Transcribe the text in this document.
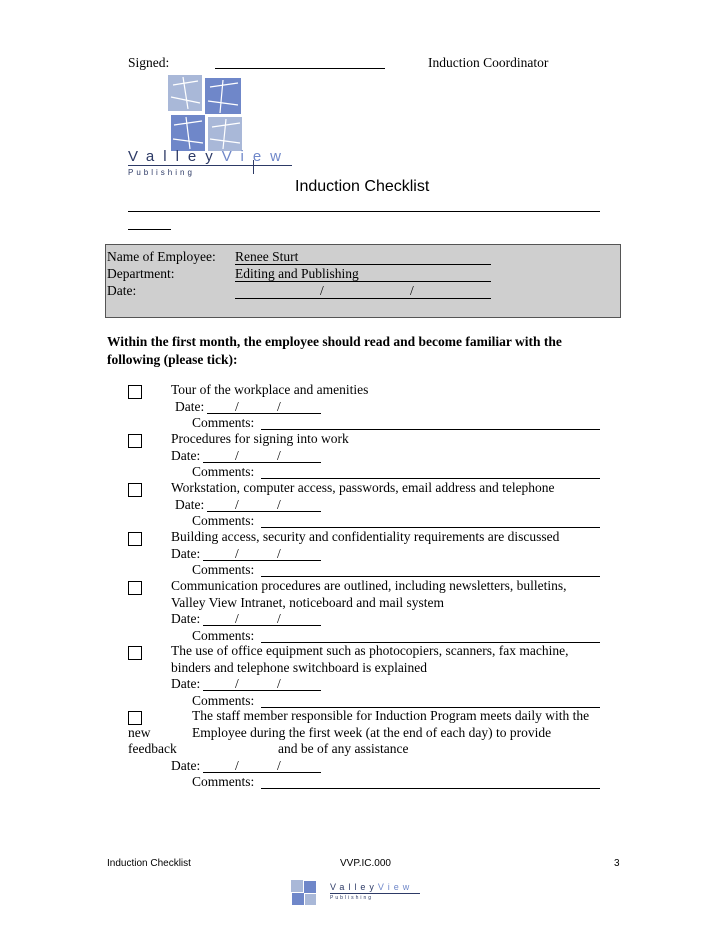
Signed:	Induction Coordinator
ValleyView
Publishing
Induction Checklist
Name of Employee: Renee Sturt
Department:	Editing and Publishing
Date:	/	/
Within the first month, the employee should read and become familiar with the following (please tick):
Tour of the workplace and amenities
Date: /	/
Comments:
Procedures for signing into work
Date:	/	/
Comments:
Workstation, computer access, passwords, email address and telephone
Date: /	/
Comments:
Building access, security and confidentiality requirements are discussed
Date:	/	/
Comments:
Communication procedures are outlined, including newsletters, bulletins,
Valley View Intranet, noticeboard and mail system
Date:	/	/
Comments:
The use of office equipment such as photocopiers, scanners, fax machine,
binders and telephone switchboard is explained
Date:	/	/
Comments:
The staff member responsible for Induction Program meets daily with the
Employee during the first week (at the end of each day) to provide
and be of any assistance
new
feedback
Date:	/	/
Comments:
Induction Checklist	VVP.IC.000	3
ValleyView
Publishing
